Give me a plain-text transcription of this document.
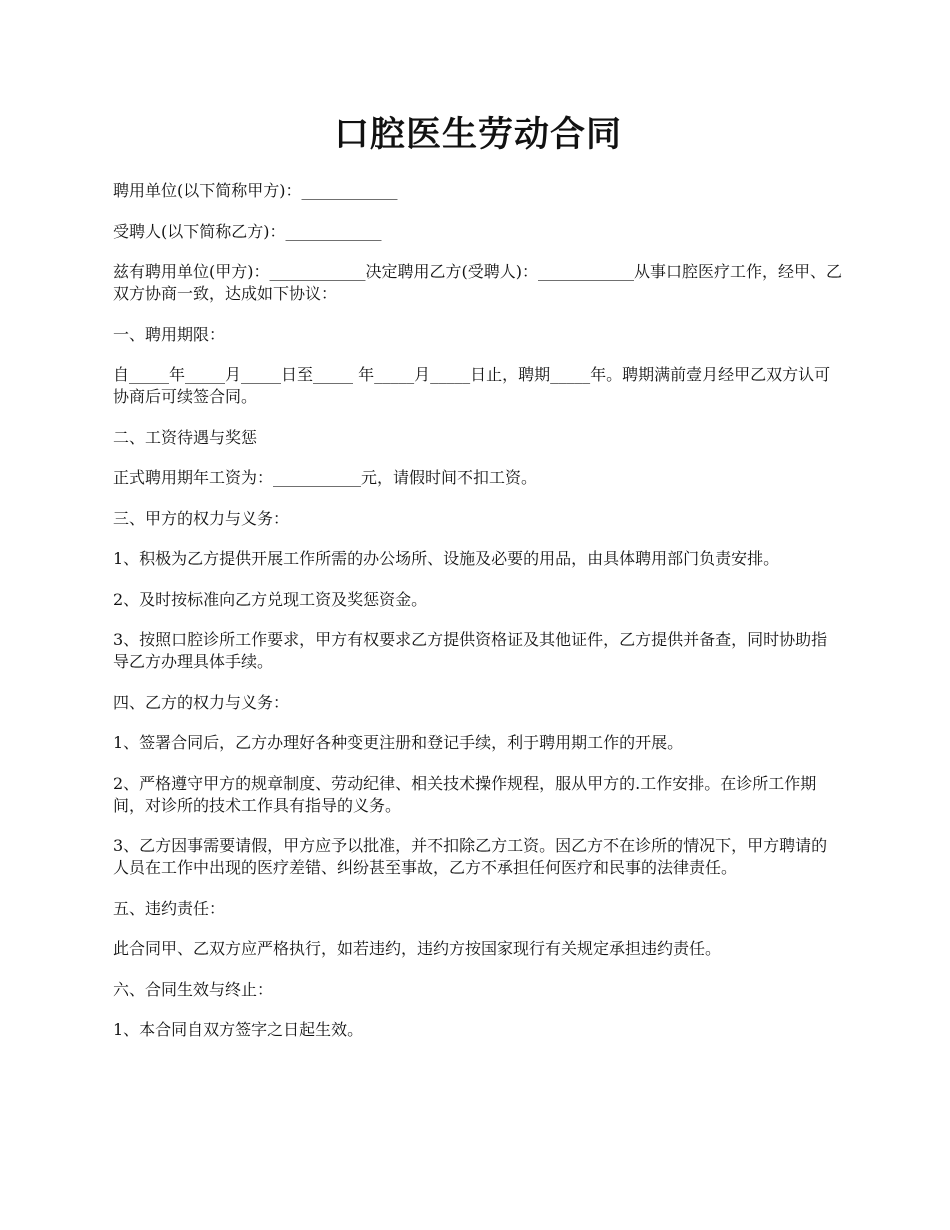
口腔医生劳动合同

聘用单位(以下简称甲方)：____________

受聘人(以下简称乙方)：____________

兹有聘用单位(甲方)：____________决定聘用乙方(受聘人)：____________从事口腔医疗工作，经甲、乙双方协商一致，达成如下协议：

一、聘用期限：

自_____年_____月_____日至_____ 年_____月_____日止，聘期_____年。聘期满前壹月经甲乙双方认可协商后可续签合同。

二、工资待遇与奖惩

正式聘用期年工资为：___________元，请假时间不扣工资。

三、甲方的权力与义务：

1、积极为乙方提供开展工作所需的办公场所、设施及必要的用品，由具体聘用部门负责安排。

2、及时按标准向乙方兑现工资及奖惩资金。

3、按照口腔诊所工作要求，甲方有权要求乙方提供资格证及其他证件，乙方提供并备查，同时协助指导乙方办理具体手续。

四、乙方的权力与义务：

1、签署合同后，乙方办理好各种变更注册和登记手续，利于聘用期工作的开展。

2、严格遵守甲方的规章制度、劳动纪律、相关技术操作规程，服从甲方的.工作安排。在诊所工作期间，对诊所的技术工作具有指导的义务。

3、乙方因事需要请假，甲方应予以批准，并不扣除乙方工资。因乙方不在诊所的情况下，甲方聘请的人员在工作中出现的医疗差错、纠纷甚至事故，乙方不承担任何医疗和民事的法律责任。

五、违约责任：

此合同甲、乙双方应严格执行，如若违约，违约方按国家现行有关规定承担违约责任。

六、合同生效与终止：

1、本合同自双方签字之日起生效。
